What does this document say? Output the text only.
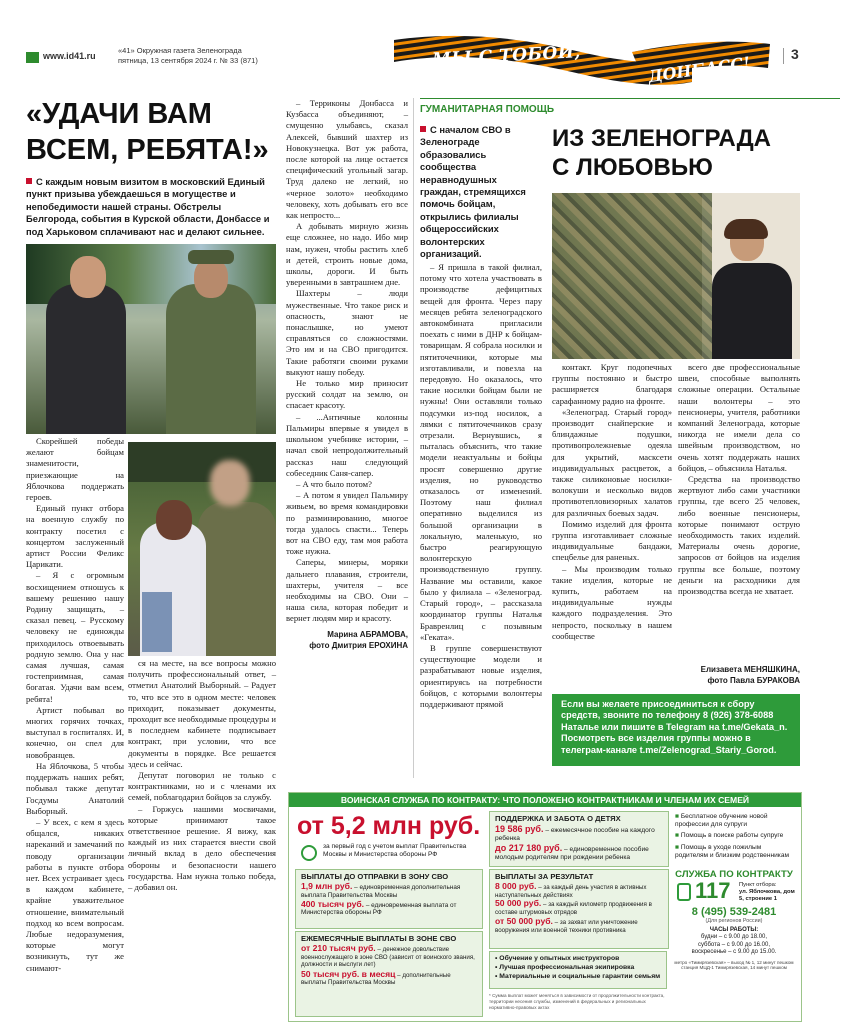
www.id41.ru
«41» Окружная газета Зеленограда
пятница, 13 сентября 2024 г. № 33 (871)	МЫ С ТОБОЙ,	ДОНБАСС!	3
«УДАЧИ ВАМ ВСЕМ, РЕБЯТА!»
С каждым новым визитом в московский Единый пункт призыва убеждаешься в могуществе и непобедимости нашей страны. Обстрелы Белгорода, события в Курской области, Донбассе и под Харьковом сплачивают нас и делают сильнее.

Скорейшей победы желают бойцам знаменитости, приезжающие на Яблочкова поддержать героев.

Единый пункт отбора на военную службу по контракту посетил с концертом заслуженный артист России Феликс Царикати.

– Я с огромным восхищением отношусь к вашему решению нашу Родину защищать, – сказал певец. – Русскому человеку не единожды приходилось отвоевывать родную землю. Она у нас самая лучшая, самая гостеприимная, самая богатая. Удачи вам всем, ребята!

Артист побывал во многих горячих точках, выступал в госпиталях. И, конечно, он спел для новобранцев.

На Яблочкова, 5 чтобы поддержать наших ребят, побывал также депутат Госдумы Анатолий Выборный.

– У всех, с кем я здесь общался, никаких нареканий и замечаний по поводу организации работы в пункте отбора нет. Всех устраивает здесь в каждом кабинете, крайне уважительное отношение, внимательный подход ко всем вопросам. Любые недоразумения, которые могут возникнуть, тут же снимают-

ся на месте, на все вопросы можно получить профессиональный ответ, – отметил Анатолий Выборный. – Радует то, что все это в одном месте: человек приходит, показывает документы, проходит все необходимые процедуры и в последнем кабинете подписывает контракт, при условии, что все документы в порядке. Все решается здесь и сейчас.

Депутат поговорил не только с контрактниками, но и с членами их семей, поблагодарил бойцов за службу.

– Горжусь нашими мосвичами, которые принимают такое ответственное решение. Я вижу, как каждый из них старается внести свой личный вклад в дело обеспечения обороны и безопасности нашего государства. Нам нужна только победа, – добавил он.

– Терриконы Донбасса и Кузбасса объединяют, – смущенно улыбаясь, сказал Алексей, бывший шахтер из Новокузнецка. Вот уж работа, после которой на лице остается специфический угольный загар. Труд далеко не легкий, но «черное золото» необходимо человеку, хоть добывать его все как непросто...

А добывать мирную жизнь еще сложнее, но надо. Ибо мир нам, нужен, чтобы растить хлеб и детей, строить новые дома, школы, дороги. И быть уверенными в завтрашнем дне.

Шахтеры – люди мужественные. Что такое риск и опасность, знают не понаслышке, но умеют справляться со сложностями. Это им и на СВО пригодится. Такие работяги своими руками выкуют нашу победу.

Не только мир приносит русский солдат на землю, он спасает красоту.

– ...Античные колонны Пальмиры впервые я увидел в школьном учебнике истории, – начал свой непродолжительный рассказ наш следующий собеседник Саня-сапер.

– А что было потом?

– А потом я увидел Пальмиру живьем, во время командировки по разминированию, многое тогда удалось спасти... Теперь вот на СВО еду, там моя работа тоже нужна.

Саперы, минеры, моряки дальнего плавания, строители, шахтеры, учителя – все необходимы на СВО. Они – наша сила, которая победит и вернет людям мир и красоту.

Марина АБРАМОВА,
фото Дмитрия ЕРОХИНА
ГУМАНИТАРНАЯ ПОМОЩЬ
С началом СВО в Зеленограде образовались сообщества неравнодушных граждан, стремящихся помочь бойцам, открылись филиалы общероссийских волонтерских организаций.
ИЗ ЗЕЛЕНОГРАДА С ЛЮБОВЬЮ

– Я пришла в такой филиал, потому что хотела участвовать в производстве дефицитных вещей для фронта. Через пару месяцев ребята зеленоградского автокомбината пригласили поехать с ними в ДНР к бойцам-товарищам. Я собрала носилки и пятиточечники, которые мы изготавливали, и повезла на передовую. Но оказалось, что такие носилки бойцам были не нужны! Они оставляли только подсумки из-под носилок, а лямки с пятиточечников сразу отрезали. Вернувшись, я пыталась объяснить, что такие модели неактуальны и бойцы просят совершенно другие изделия, но руководство отказалось от изменений. Поэтому наш филиал оперативно выделился из большой организации в локальную, маленькую, но быстро реагирующую волонтерскую производственную группу. Название мы оставили, какое было у филиала – «Зеленоград. Старый город», – рассказала координатор группы Наталья Бравренлиц с позывным «Геката».

В группе совершенствуют существующие модели и разрабатывают новые изделия, ориентируясь на потребности бойцов, с которыми волонтеры поддерживают прямой

контакт. Круг подопечных группы постоянно и быстро расширяется благодаря сарафанному радио на фронте.

«Зеленоград. Старый город» производит снайперские и блиндажные подушки, противопролежневые одеяла для укрытий, масксети индивидуальных расцветок, а также силиконовые носилки-волокуши и несколько видов противотепловизорных халатов для различных боевых задач.

Помимо изделий для фронта группа изготавливает сложные индивидуальные бандажи, спецбелье для раненых.

– Мы производим только такие изделия, которые не купить, работаем на индивидуальные нужды каждого подразделения. Это непросто, поскольку в нашем сообществе

всего две профессиональные швеи, способные выполнять сложные операции. Остальные наши волонтеры – это пенсионеры, учителя, работники компаний Зеленограда, которые никогда не имели дела со швейным производством, но очень хотят поддержать наших бойцов, – объяснила Наталья.

Средства на производство жертвуют либо сами участники группы, где всего 25 человек, либо военные пенсионеры, которые понимают острую необходимость таких изделий. Материалы очень дорогие, запросов от бойцов на изделия группы все больше, поэтому деньги на расходники для производства всегда не хватает.

Елизавета МЕНЯШКИНА,
фото Павла БУРАКОВА
Если вы желаете присоединиться к сбору средств, звоните по телефону 8 (926) 378-6088 Наталье или пишите в Telegram на t.me/Gekata_n. Посмотреть все изделия группы можно в телеграм-канале t.me/Zelenograd_Stariy_Gorod.
ВОИНСКАЯ СЛУЖБА ПО КОНТРАКТУ: ЧТО ПОЛОЖЕНО КОНТРАКТНИКАМ И ЧЛЕНАМ ИХ СЕМЕЙ
от 5,2 млн руб.
за первый год с учетом выплат Правительства Москвы и Министерства обороны РФ
ПОДДЕРЖКА И ЗАБОТА О ДЕТЯХ
19 586 руб. – ежемесячное пособие на каждого ребенка
до 217 180 руб. – единовременное пособие молодым родителям при рождении ребенка
■ Бесплатное обучение новой профессии для супруги
■ Помощь в поиске работы супруге
■ Помощь в уходе пожилым родителям и близким родственникам
ВЫПЛАТЫ ДО ОТПРАВКИ В ЗОНУ СВО
1,9 млн руб. – единовременная дополнительная выплата Правительства Москвы
400 тысяч руб. – единовременная выплата от Министерства обороны РФ
ВЫПЛАТЫ ЗА РЕЗУЛЬТАТ
8 000 руб. – за каждый день участия в активных наступательных действиях
50 000 руб. – за каждый километр продвижения в составе штурмовых отрядов
от 50 000 руб. – за захват или уничтожение вооружения или военной техники противника
ЕЖЕМЕСЯЧНЫЕ ВЫПЛАТЫ В ЗОНЕ СВО
от 210 тысяч руб. – денежное довольствие военнослужащего в зоне СВО (зависит от воинского звания, должности и выслуги лет)
50 тысяч руб. в месяц – дополнительные выплаты Правительства Москвы
• Обучение у опытных инструкторов
• Лучшая профессиональная экипировка
• Материальные и социальные гарантии семьям
* Сумма выплат может меняться в зависимости от продолжительности контракта, территории несения службы, изменений в федеральных и региональных нормативно-правовых актах
СЛУЖБА ПО КОНТРАКТУ
117 Пункт отбора:
ул. Яблочкова, дом 5, строение 1
8 (495) 539-2481
(Для регионов России)
ЧАСЫ РАБОТЫ:
будни – с 9.00 до 18.00,
суббота – с 9.00 до 16.00,
воскресенье – с 9.00 до 15.00.
метро «Тимирязевская» – выход № 1, 12 минут пешком станция МЦД-1 Тимирязевская, 14 минут пешком
